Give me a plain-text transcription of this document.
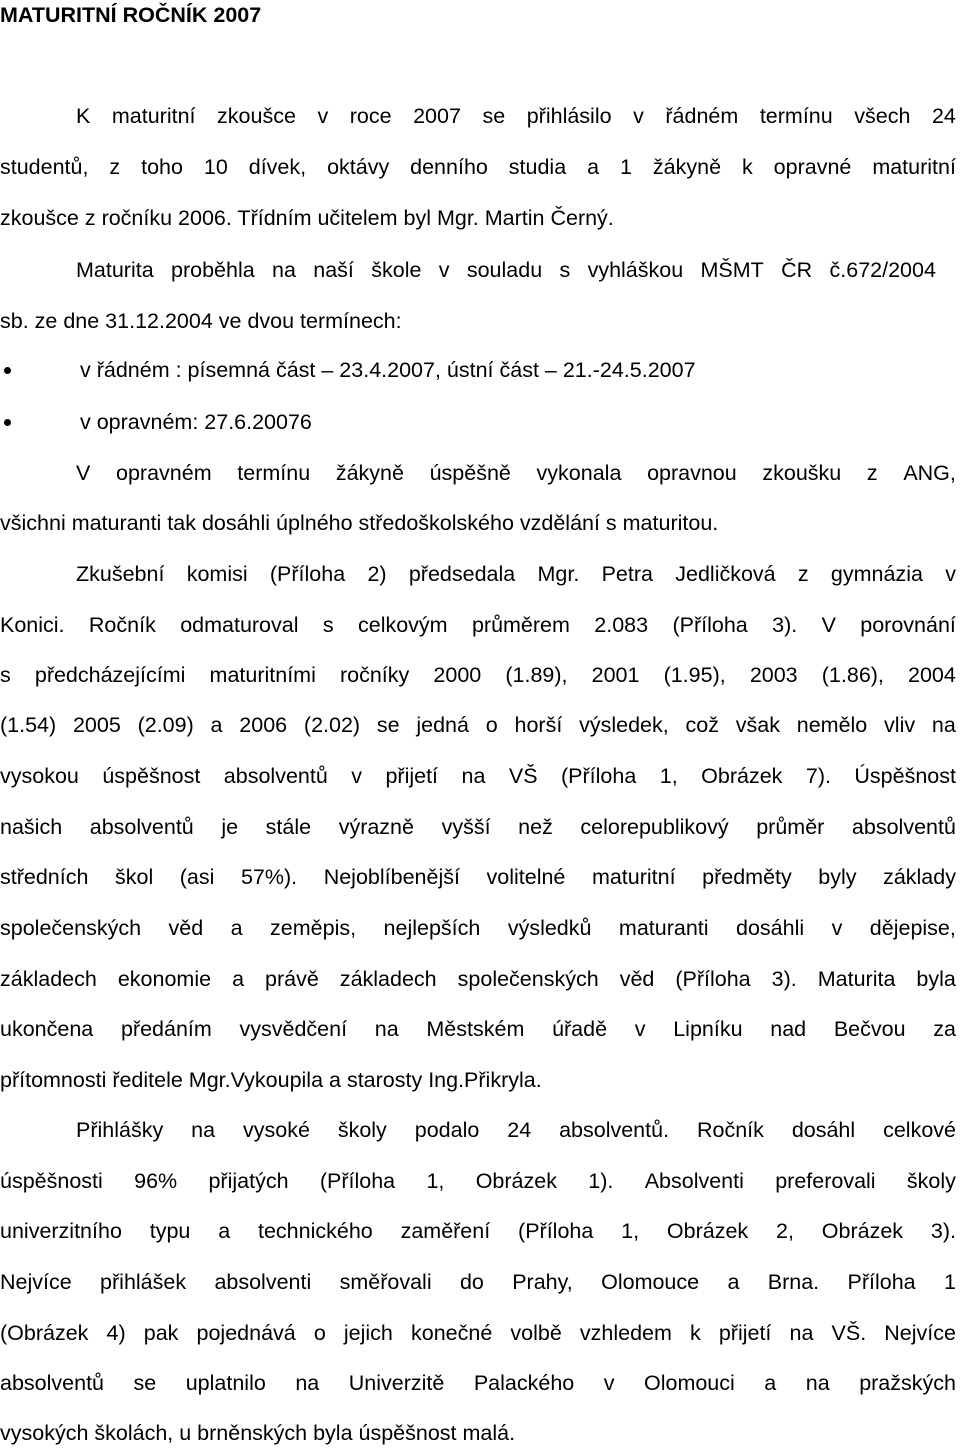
MATURITNÍ ROČNÍK 2007
K maturitní zkoušce v roce 2007 se přihlásilo v řádném termínu všech 24
studentů, z toho 10 dívek, oktávy denního studia a 1 žákyně k opravné maturitní
zkoušce z ročníku 2006. Třídním učitelem byl Mgr. Martin Černý.
Maturita proběhla na naší škole v souladu s vyhláškou MŠMT ČR č.672/2004
sb. ze dne 31.12.2004 ve dvou termínech:
v řádném : písemná část – 23.4.2007, ústní část – 21.-24.5.2007
v opravném: 27.6.20076
V opravném termínu žákyně úspěšně vykonala opravnou zkoušku z ANG,
všichni maturanti tak dosáhli úplného středoškolského vzdělání s maturitou.
Zkušební komisi (Příloha 2) předsedala Mgr. Petra Jedličková z gymnázia v
Konici. Ročník odmaturoval s celkovým průměrem 2.083 (Příloha 3). V porovnání
s předcházejícími maturitními ročníky 2000 (1.89), 2001 (1.95), 2003 (1.86), 2004
(1.54) 2005 (2.09) a 2006 (2.02) se jedná o horší výsledek, což však nemělo vliv na
vysokou úspěšnost absolventů v přijetí na VŠ (Příloha 1, Obrázek 7). Úspěšnost
našich absolventů je stále výrazně vyšší než celorepublikový průměr absolventů
středních škol (asi 57%). Nejoblíbenější volitelné maturitní předměty byly základy
společenských věd a zeměpis, nejlepších výsledků maturanti dosáhli v dějepise,
základech ekonomie a právě základech společenských věd (Příloha 3). Maturita byla
ukončena předáním vysvědčení na Městském úřadě v Lipníku nad Bečvou za
přítomnosti ředitele Mgr.Vykoupila a starosty Ing.Přikryla.
Přihlášky na vysoké školy podalo 24 absolventů. Ročník dosáhl celkové
úspěšnosti 96% přijatých (Příloha 1, Obrázek 1). Absolventi preferovali školy
univerzitního typu a technického zaměření (Příloha 1, Obrázek 2, Obrázek 3).
Nejvíce přihlášek absolventi směřovali do Prahy, Olomouce a Brna. Příloha 1
(Obrázek 4) pak pojednává o jejich konečné volbě vzhledem k přijetí na VŠ. Nejvíce
absolventů se uplatnilo na Univerzitě Palackého v Olomouci a na pražských
vysokých školách, u brněnských byla úspěšnost malá.
